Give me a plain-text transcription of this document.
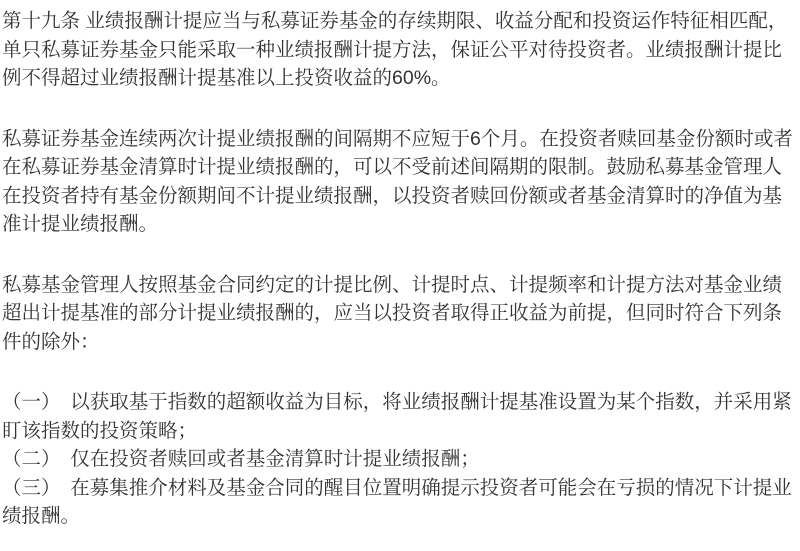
第十九条 业绩报酬计提应当与私募证券基金的存续期限、收益分配和投资运作特征相匹配，单只私募证券基金只能采取一种业绩报酬计提方法，保证公平对待投资者。业绩报酬计提比例不得超过业绩报酬计提基准以上投资收益的60%。

私募证券基金连续两次计提业绩报酬的间隔期不应短于6个月。在投资者赎回基金份额时或者在私募证券基金清算时计提业绩报酬的，可以不受前述间隔期的限制。鼓励私募基金管理人在投资者持有基金份额期间不计提业绩报酬，以投资者赎回份额或者基金清算时的净值为基准计提业绩报酬。

私募基金管理人按照基金合同约定的计提比例、计提时点、计提频率和计提方法对基金业绩超出计提基准的部分计提业绩报酬的，应当以投资者取得正收益为前提，但同时符合下列条件的除外：

（一）　以获取基于指数的超额收益为目标，将业绩报酬计提基准设置为某个指数，并采用紧盯该指数的投资策略；

（二）　仅在投资者赎回或者基金清算时计提业绩报酬；

（三）　在募集推介材料及基金合同的醒目位置明确提示投资者可能会在亏损的情况下计提业绩报酬。
